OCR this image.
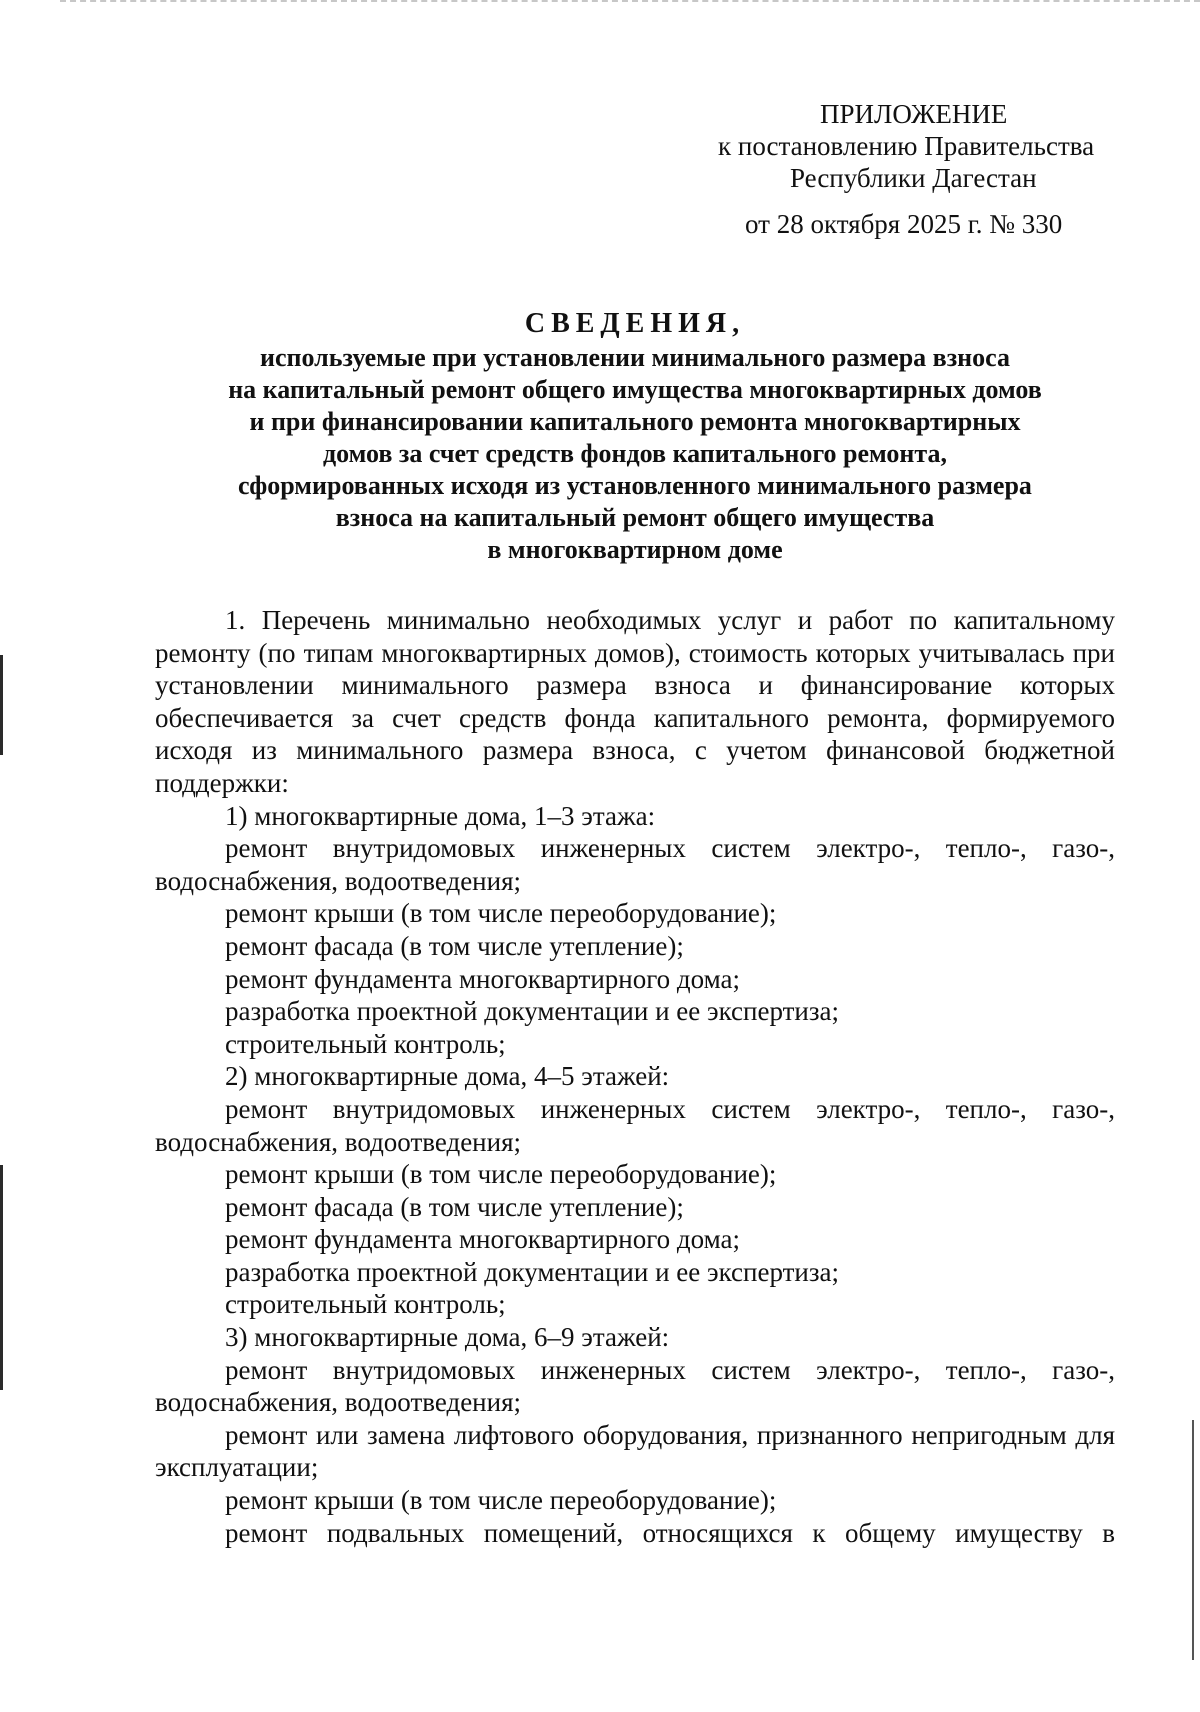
ПРИЛОЖЕНИЕ
к постановлению Правительства
Республики Дагестан
от 28 октября 2025 г. № 330
СВЕДЕНИЯ,
используемые при установлении минимального размера взноса
на капитальный ремонт общего имущества многоквартирных домов
и при финансировании капитального ремонта многоквартирных
домов за счет средств фондов капитального ремонта,
сформированных исходя из установленного минимального размера
взноса на капитальный ремонт общего имущества
в многоквартирном доме

1. Перечень минимально необходимых услуг и работ по капитальному ремонту (по типам многоквартирных домов), стоимость которых учитывалась при установлении минимального размера взноса и финансирование которых обеспечивается за счет средств фонда капитального ремонта, формируемого исходя из минимального размера взноса, с учетом финансовой бюджетной поддержки:

1) многоквартирные дома, 1–3 этажа:

ремонт внутридомовых инженерных систем электро-, тепло-, газо-, водоснабжения, водоотведения;

ремонт крыши (в том числе переоборудование);

ремонт фасада (в том числе утепление);

ремонт фундамента многоквартирного дома;

разработка проектной документации и ее экспертиза;

строительный контроль;

2) многоквартирные дома, 4–5 этажей:

ремонт внутридомовых инженерных систем электро-, тепло-, газо-, водоснабжения, водоотведения;

ремонт крыши (в том числе переоборудование);

ремонт фасада (в том числе утепление);

ремонт фундамента многоквартирного дома;

разработка проектной документации и ее экспертиза;

строительный контроль;

3) многоквартирные дома, 6–9 этажей:

ремонт внутридомовых инженерных систем электро-, тепло-, газо-, водоснабжения, водоотведения;

ремонт или замена лифтового оборудования, признанного непригодным для эксплуатации;

ремонт крыши (в том числе переоборудование);

ремонт подвальных помещений, относящихся к общему имуществу в
